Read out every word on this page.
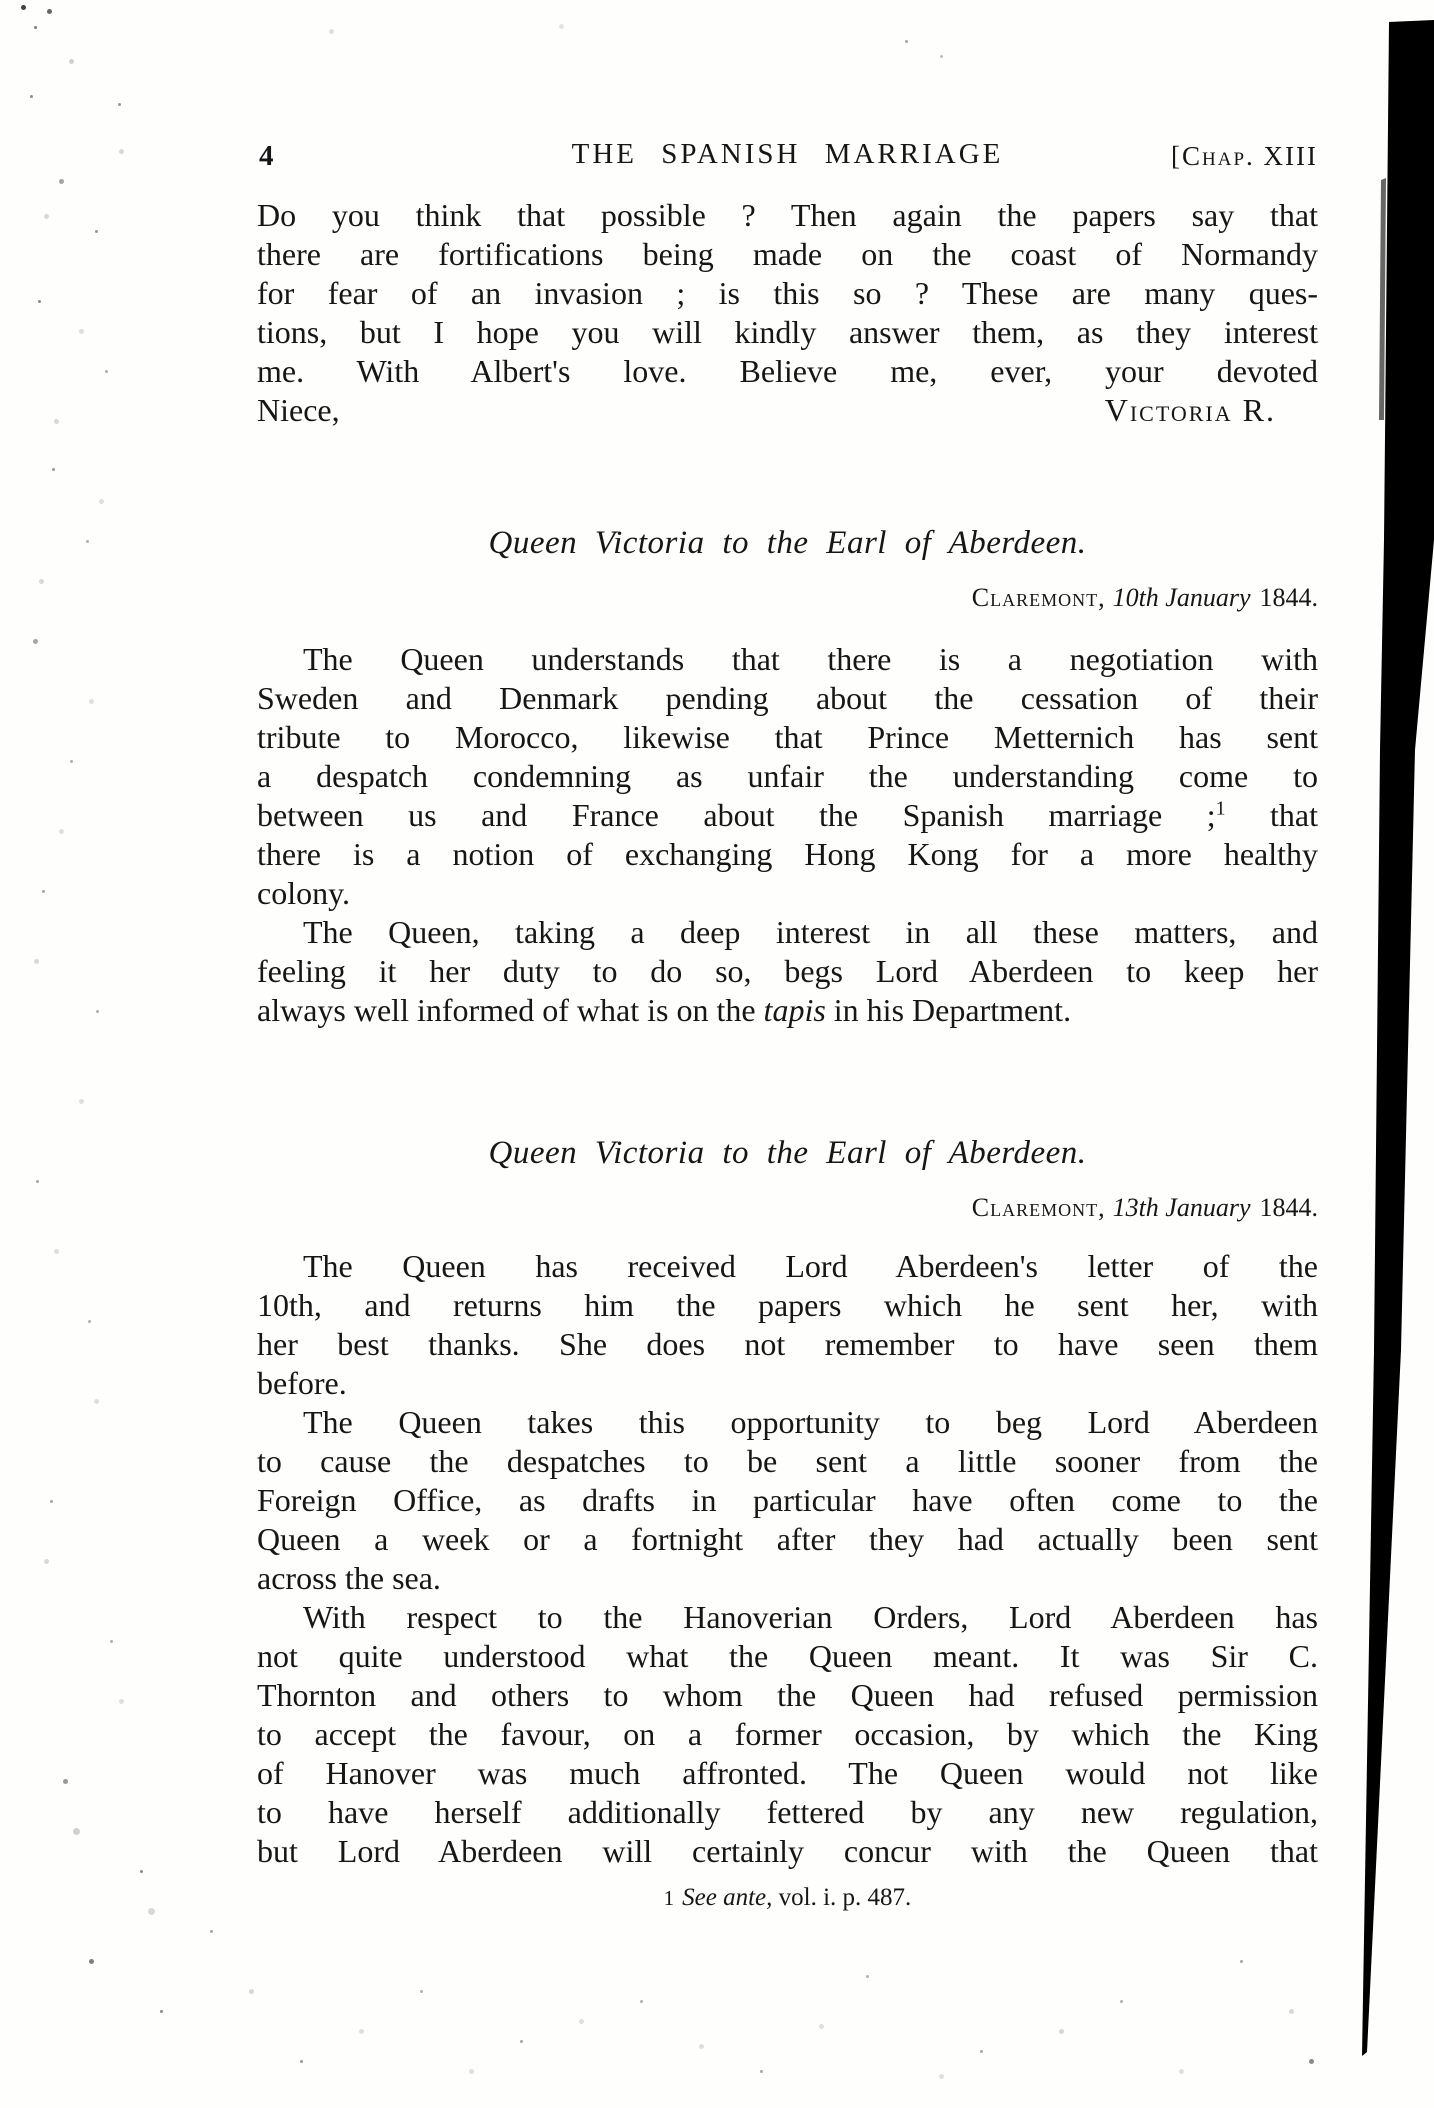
4	THE SPANISH MARRIAGE	[Chap. XIII
Do you think that possible ? Then again the papers say that
there are fortifications being made on the coast of Normandy
for fear of an invasion ; is this so ? These are many ques-
tions, but I hope you will kindly answer them, as they interest
me. With Albert's love. Believe me, ever, your devoted
Niece,	Victoria R.
Queen Victoria to the Earl of Aberdeen.
Claremont, 10th January 1844.
The Queen understands that there is a negotiation with
Sweden and Denmark pending about the cessation of their
tribute to Morocco, likewise that Prince Metternich has sent
a despatch condemning as unfair the understanding come to
between us and France about the Spanish marriage ;$^1$ that
there is a notion of exchanging Hong Kong for a more healthy
colony.
The Queen, taking a deep interest in all these matters, and
feeling it her duty to do so, begs Lord Aberdeen to keep her
always well informed of what is on the tapis in his Department.
Queen Victoria to the Earl of Aberdeen.
Claremont, 13th January 1844.
The Queen has received Lord Aberdeen's letter of the
10th, and returns him the papers which he sent her, with
her best thanks. She does not remember to have seen them
before.
The Queen takes this opportunity to beg Lord Aberdeen
to cause the despatches to be sent a little sooner from the
Foreign Office, as drafts in particular have often come to the
Queen a week or a fortnight after they had actually been sent
across the sea.
With respect to the Hanoverian Orders, Lord Aberdeen has
not quite understood what the Queen meant. It was Sir C.
Thornton and others to whom the Queen had refused permission
to accept the favour, on a former occasion, by which the King
of Hanover was much affronted. The Queen would not like
to have herself additionally fettered by any new regulation,
but Lord Aberdeen will certainly concur with the Queen that
1 See ante, vol. i. p. 487.
